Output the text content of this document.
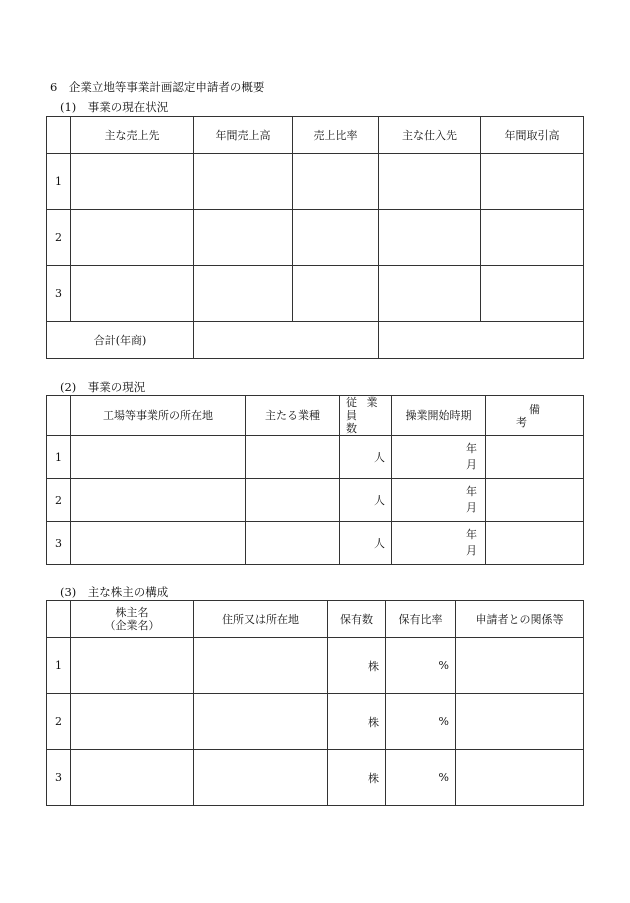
6　企業立地等事業計画認定申請者の概要
(1)　事業の現在状況
	主な売上先	年間売上高	売上比率	主な仕入先	年間取引高
1					
2					
3					
合計(年商)					
(2)　事業の現況
	工場等事業所の所在地	主たる業種	従 業 員
数	操業開始時期	備考
1			人	年
月	
2			人	年
月	
3			人	年
月	
(3)　主な株主の構成
	株主名
（企業名）	住所又は所在地	保有数	保有比率	申請者との関係等
1			株	%	
2			株	%	
3			株	%	
